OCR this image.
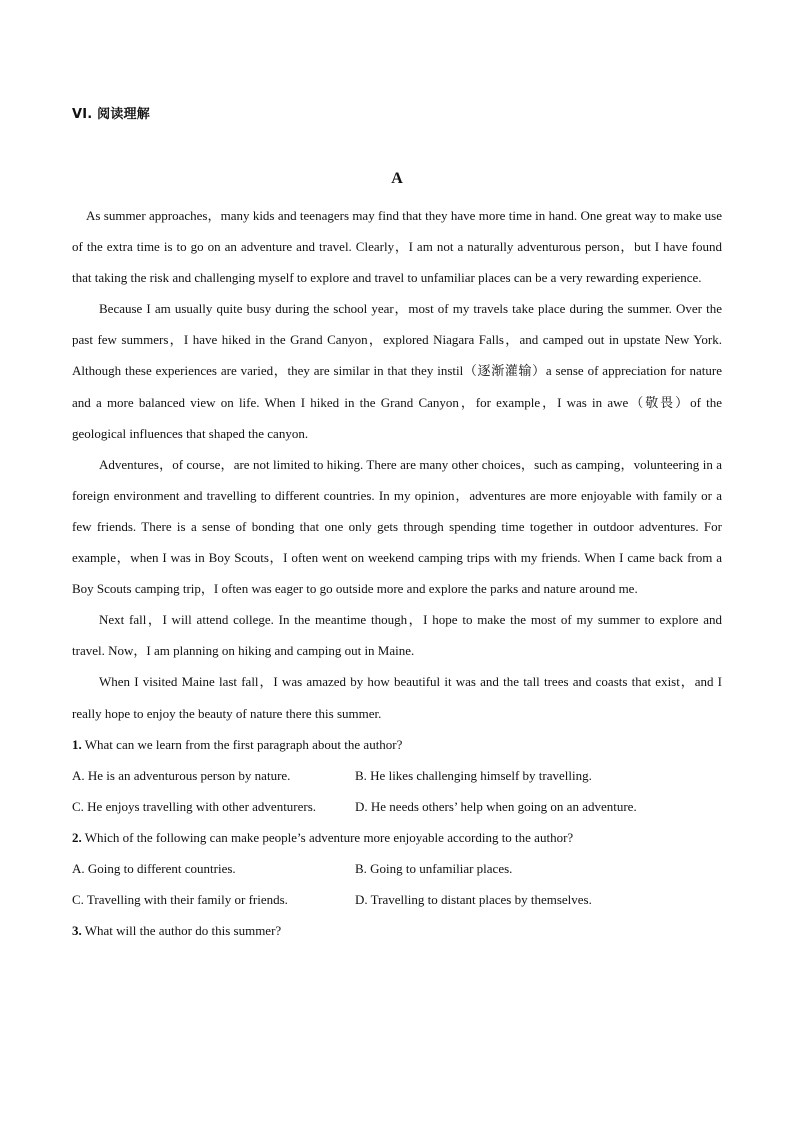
VI. 阅读理解
A

As summer approaches，many kids and teenagers may find that they have more time in hand. One great way to make use of the extra time is to go on an adventure and travel. Clearly，I am not a naturally adventurous person，but I have found that taking the risk and challenging myself to explore and travel to unfamiliar places can be a very rewarding experience.

Because I am usually quite busy during the school year，most of my travels take place during the summer. Over the past few summers，I have hiked in the Grand Canyon，explored Niagara Falls，and camped out in upstate New York. Although these experiences are varied，they are similar in that they instil（逐渐灌输）a sense of appreciation for nature and a more balanced view on life. When I hiked in the Grand Canyon，for example，I was in awe（敬畏）of the geological influences that shaped the canyon.

Adventures，of course，are not limited to hiking. There are many other choices，such as camping，volunteering in a foreign environment and travelling to different countries. In my opinion，adventures are more enjoyable with family or a few friends. There is a sense of bonding that one only gets through spending time together in outdoor adventures. For example，when I was in Boy Scouts，I often went on weekend camping trips with my friends. When I came back from a Boy Scouts camping trip，I often was eager to go outside more and explore the parks and nature around me.

Next fall，I will attend college. In the meantime though，I hope to make the most of my summer to explore and travel. Now，I am planning on hiking and camping out in Maine.

When I visited Maine last fall，I was amazed by how beautiful it was and the tall trees and coasts that exist，and I really hope to enjoy the beauty of nature there this summer.

1. What can we learn from the first paragraph about the author?

A. He is an adventurous person by nature.	B. He likes challenging himself by travelling.
C. He enjoys travelling with other adventurers.	D. He needs others’ help when going on an adventure.

2. Which of the following can make people’s adventure more enjoyable according to the author?

A. Going to different countries.	B. Going to unfamiliar places.
C. Travelling with their family or friends.	D. Travelling to distant places by themselves.

3. What will the author do this summer?
